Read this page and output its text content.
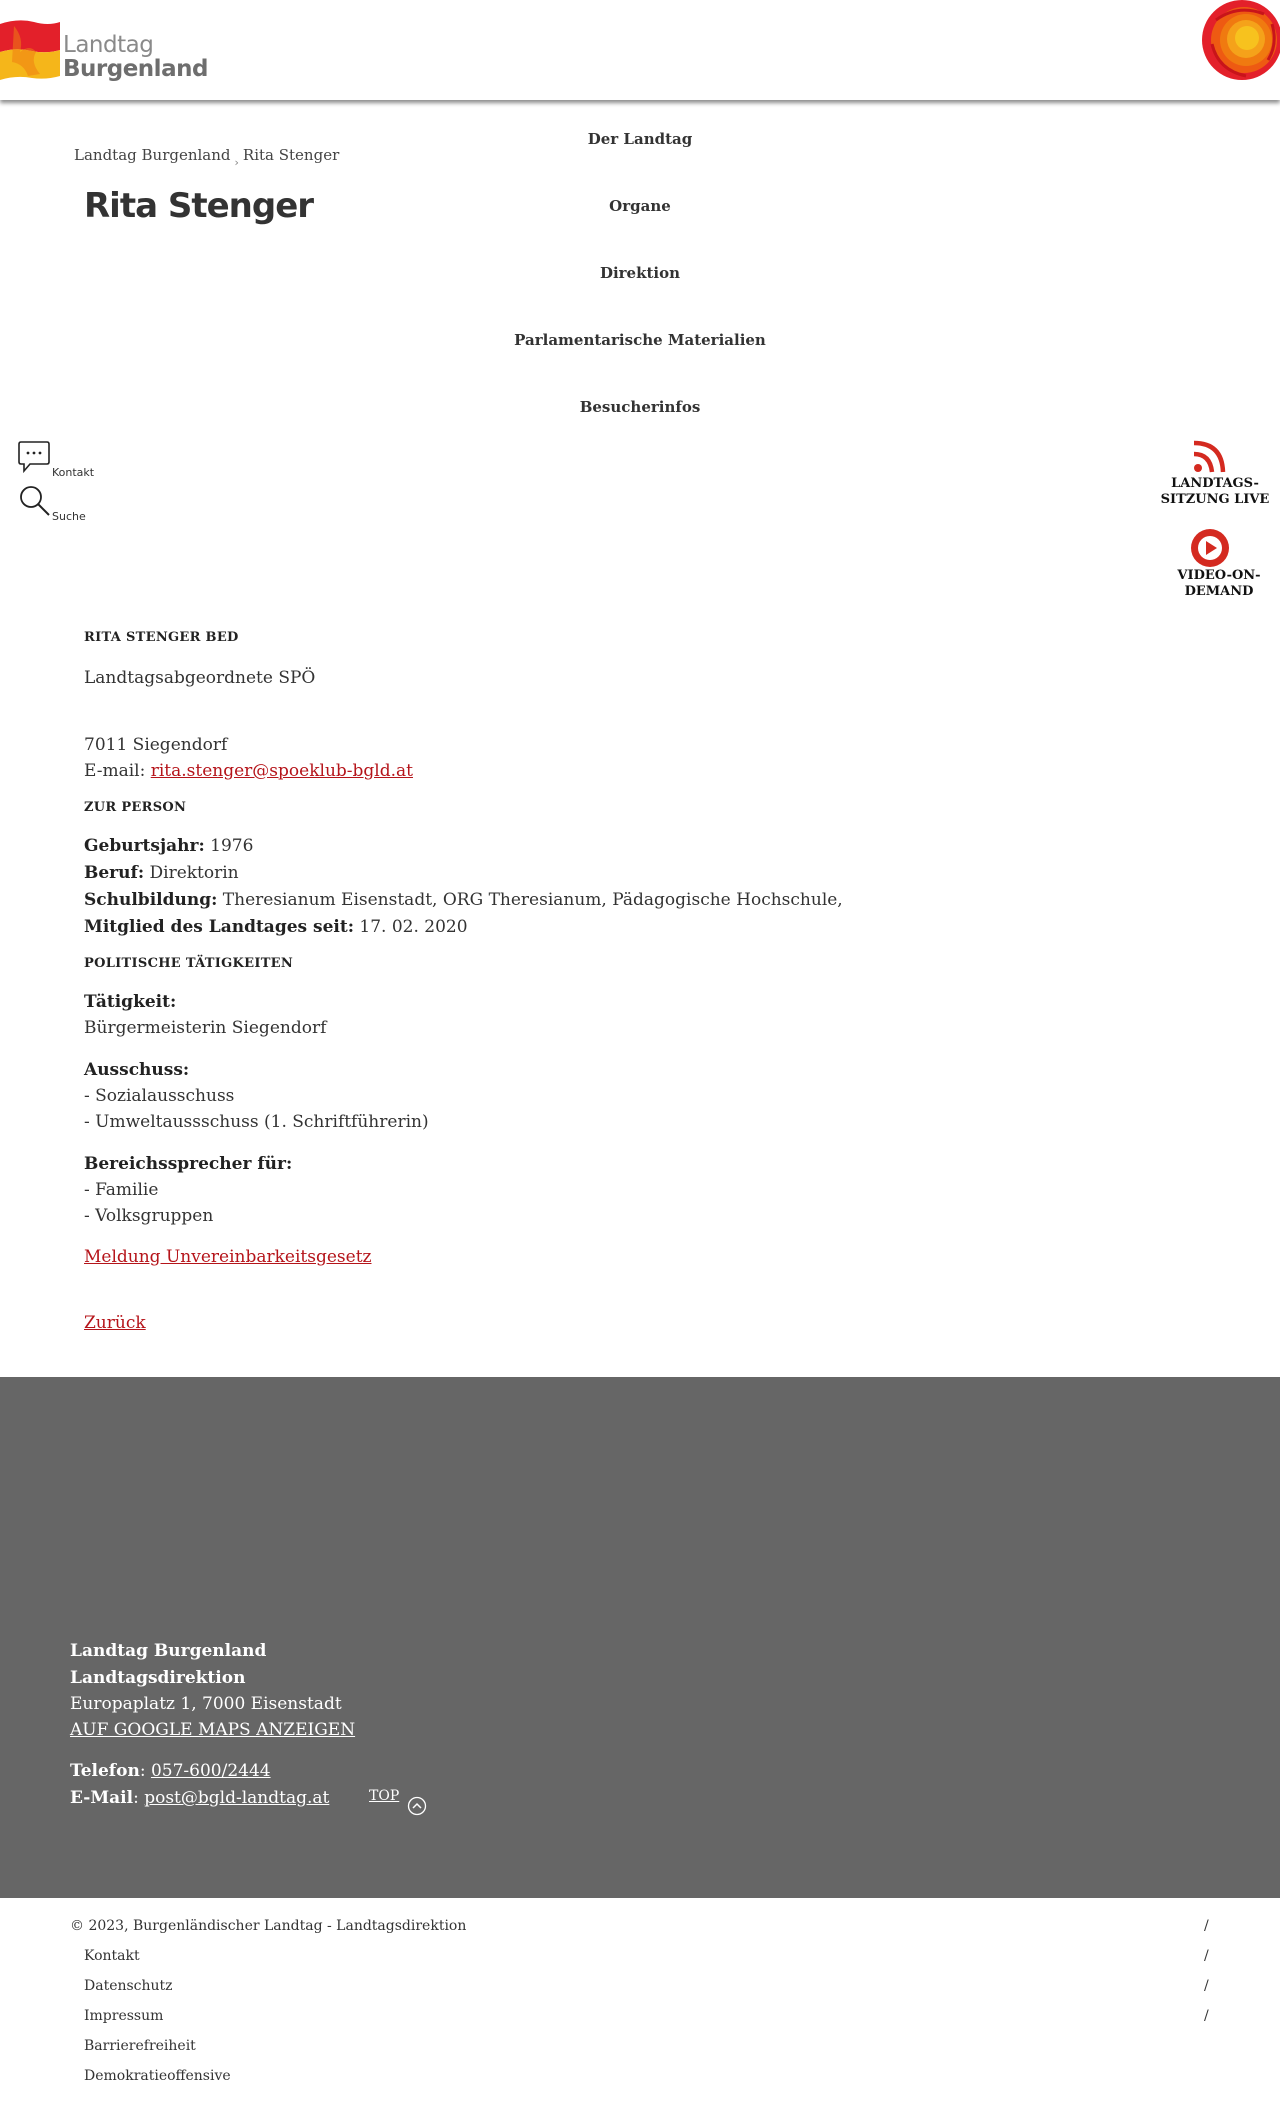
Landtag
Burgenland
Landtag Burgenland $_›$ Rita Stenger
Rita Stenger
Der Landtag
Organe
Direktion
Parlamentarische Materialien
Besucherinfos
Kontakt
Suche
LANDTAGS-
SITZUNG LIVE
VIDEO-ON-
DEMAND
RITA STENGER BED
Landtagsabgeordnete SPÖ
7011 Siegendorf
E-mail: rita.stenger@spoeklub-bgld.at
ZUR PERSON
Geburtsjahr: 1976
Beruf: Direktorin
Schulbildung: Theresianum Eisenstadt, ORG Theresianum, Pädagogische Hochschule,
Mitglied des Landtages seit: 17. 02. 2020
POLITISCHE TÄTIGKEITEN
Tätigkeit:
Bürgermeisterin Siegendorf
Ausschuss:
- Sozialausschuss
- Umweltaussschuss (1. Schriftführerin)
Bereichssprecher für:
- Familie
- Volksgruppen
Meldung Unvereinbarkeitsgesetz
Zurück
Landtag Burgenland
Landtagsdirektion
Europaplatz 1, 7000 Eisenstadt
AUF GOOGLE MAPS ANZEIGEN
Telefon: 057-600/2444
E-Mail: post@bgld-landtag.at	TOP
© 2023, Burgenländischer Landtag - Landtagsdirektion	/
Kontakt	/
Datenschutz	/
Impressum	/
Barrierefreiheit
Demokratieoffensive
